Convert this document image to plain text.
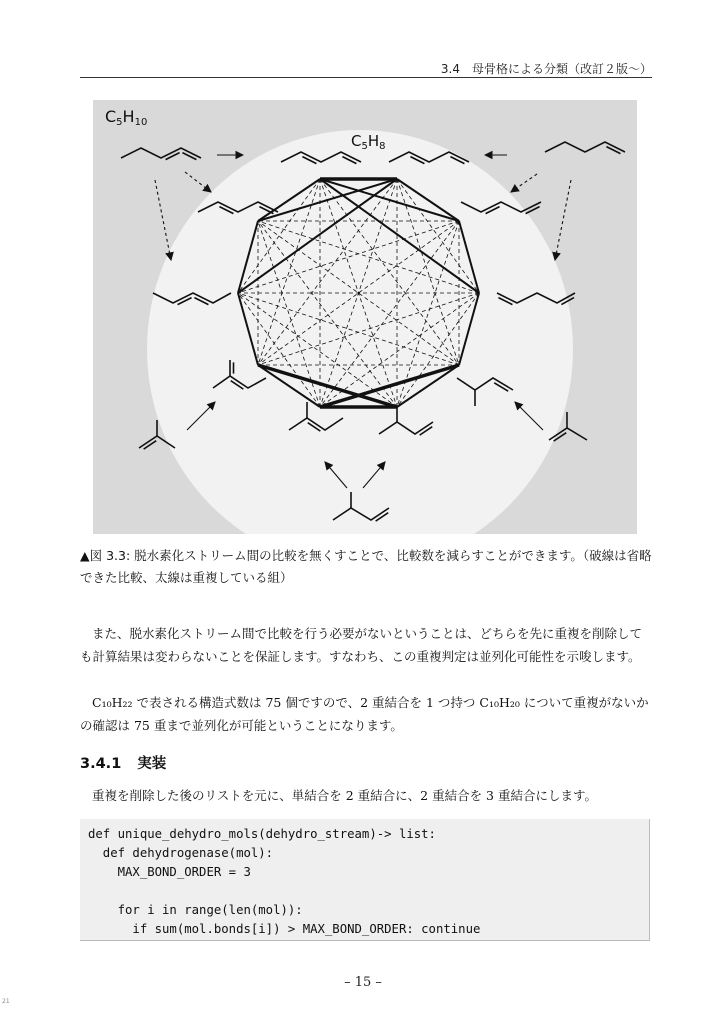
3.4　母骨格による分類（改訂２版〜）
C5H10
$C_5H_8$
▲図 3.3: 脱水素化ストリーム間の比較を無くすことで、比較数を減らすことができます。（破線は省略できた比較、太線は重複している組）
また、脱水素化ストリーム間で比較を行う必要がないということは、どちらを先に重複を削除しても計算結果は変わらないことを保証します。すなわち、この重複判定は並列化可能性を示唆します。
C₁₀H₂₂ で表される構造式数は 75 個ですので、2 重結合を 1 つ持つ C₁₀H₂₀ について重複がないかの確認は 75 重まで並列化が可能ということになります。
3.4.1 実装
重複を削除した後のリストを元に、単結合を 2 重結合に、2 重結合を 3 重結合にします。
def unique_dehydro_mols(dehydro_stream)-> list:
def dehydrogenase(mol):
MAX_BOND_ORDER = 3
for i in range(len(mol)):
if sum(mol.bonds[i]) > MAX_BOND_ORDER: continue
– 15 –
21
